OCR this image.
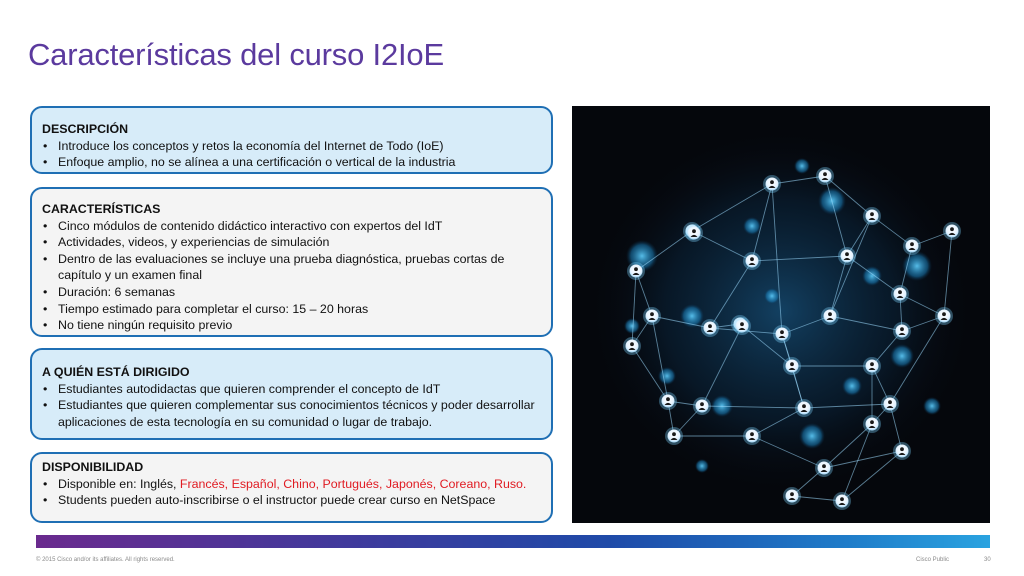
Características del curso I2IoE
DESCRIPCIÓN
• Introduce los conceptos y retos la economía del Internet de Todo (IoE)
• Enfoque amplio, no se alínea a una certificación o vertical de la industria
CARACTERÍSTICAS
• Cinco módulos de contenido didáctico interactivo con expertos del IdT
• Actividades, videos, y experiencias de simulación
• Dentro de las evaluaciones se incluye una prueba diagnóstica, pruebas cortas de capítulo y un examen final
• Duración: 6 semanas
• Tiempo estimado para completar el curso: 15 – 20 horas
• No tiene ningún requisito previo
A QUIÉN ESTÁ DIRIGIDO
• Estudiantes autodidactas que quieren comprender el concepto de IdT
• Estudiantes que quieren complementar sus conocimientos técnicos y poder desarrollar aplicaciones de esta tecnología en su comunidad o lugar de trabajo.
DISPONIBILIDAD
• Disponible en: Inglés, Francés, Español, Chino, Portugués, Japonés, Coreano, Ruso.
• Students pueden auto-inscribirse o el instructor puede crear curso en NetSpace
© 2015 Cisco and/or its affiliates. All rights reserved.	Cisco Public	30
